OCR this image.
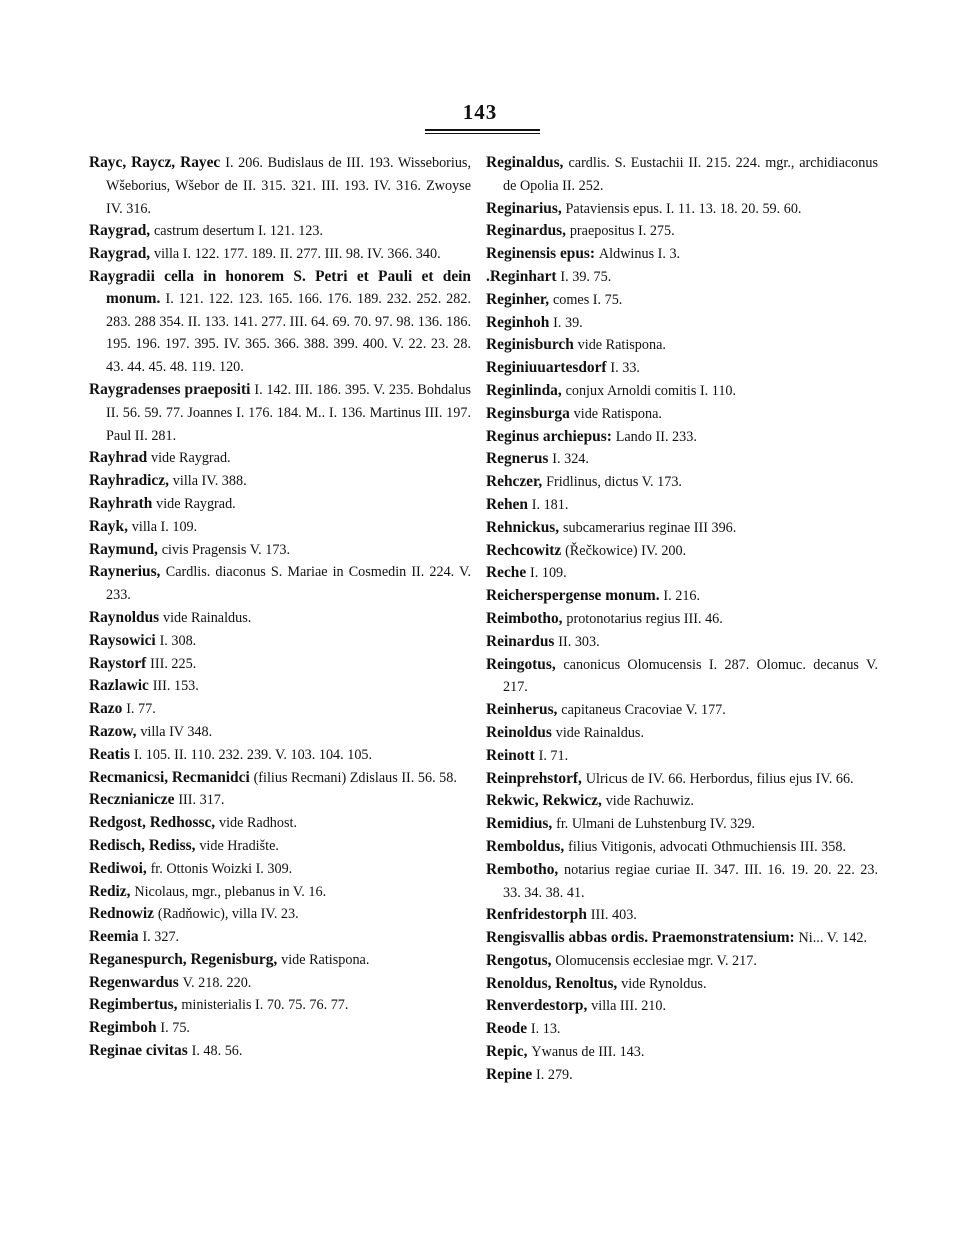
143
Rayc, Raycz, Rayec I. 206. Budislaus de III. 193. Wisseborius, Wšeborius, Wšebor de II. 315. 321. III. 193. IV. 316. Zwoyse IV. 316.
Raygrad, castrum desertum I. 121. 123.
Raygrad, villa I. 122. 177. 189. II. 277. III. 98. IV. 366. 340.
Raygradii cella in honorem S. Petri et Pauli et dein monum. I. 121. 122. 123. 165. 166. 176. 189. 232. 252. 282. 283. 288 354. II. 133. 141. 277. III. 64. 69. 70. 97. 98. 136. 186. 195. 196. 197. 395. IV. 365. 366. 388. 399. 400. V. 22. 23. 28. 43. 44. 45. 48. 119. 120.
Raygradenses praepositi I. 142. III. 186. 395. V. 235. Bohdalus II. 56. 59. 77. Joannes I. 176. 184. M.. I. 136. Martinus III. 197. Paul II. 281.
Rayhrad vide Raygrad.
Rayhradicz, villa IV. 388.
Rayhrath vide Raygrad.
Rayk, villa I. 109.
Raymund, civis Pragensis V. 173.
Raynerius, Cardlis. diaconus S. Mariae in Cosmedin II. 224. V. 233.
Raynoldus vide Rainaldus.
Raysowici I. 308.
Raystorf III. 225.
Razlawic III. 153.
Razo I. 77.
Razow, villa IV 348.
Reatis I. 105. II. 110. 232. 239. V. 103. 104. 105.
Recmanicsi, Recmanidci (filius Recmani) Zdislaus II. 56. 58.
Recznianicze III. 317.
Redgost, Redhossc, vide Radhost.
Redisch, Rediss, vide Hradište.
Rediwoi, fr. Ottonis Woizki I. 309.
Rediz, Nicolaus, mgr., plebanus in V. 16.
Rednowiz (Radňowic), villa IV. 23.
Reemia I. 327.
Reganespurch, Regenisburg, vide Ratispona.
Regenwardus V. 218. 220.
Regimbertus, ministerialis I. 70. 75. 76. 77.
Regimboh I. 75.
Reginae civitas I. 48. 56.
Reginaldus, cardlis. S. Eustachii II. 215. 224. mgr., archidiaconus de Opolia II. 252.
Reginarius, Pataviensis epus. I. 11. 13. 18. 20. 59. 60.
Reginardus, praepositus I. 275.
Reginensis epus: Aldwinus I. 3.
.Reginhart I. 39. 75.
Reginher, comes I. 75.
Reginhoh I. 39.
Reginisburch vide Ratispona.
Reginiuuartesdorf I. 33.
Reginlinda, conjux Arnoldi comitis I. 110.
Reginsburga vide Ratispona.
Reginus archiepus: Lando II. 233.
Regnerus I. 324.
Rehczer, Fridlinus, dictus V. 173.
Rehen I. 181.
Rehnickus, subcamerarius reginae III 396.
Rechcowitz (Řečkowice) IV. 200.
Reche I. 109.
Reicherspergense monum. I. 216.
Reimbotho, protonotarius regius III. 46.
Reinardus II. 303.
Reingotus, canonicus Olomucensis I. 287. Olomuc. decanus V. 217.
Reinherus, capitaneus Cracoviae V. 177.
Reinoldus vide Rainaldus.
Reinott I. 71.
Reinprehstorf, Ulricus de IV. 66. Herbordus, filius ejus IV. 66.
Rekwic, Rekwicz, vide Rachuwiz.
Remidius, fr. Ulmani de Luhstenburg IV. 329.
Remboldus, filius Vitigonis, advocati Othmuchiensis III. 358.
Rembotho, notarius regiae curiae II. 347. III. 16. 19. 20. 22. 23. 33. 34. 38. 41.
Renfridestorph III. 403.
Rengisvallis abbas ordis. Praemonstratensium: Ni... V. 142.
Rengotus, Olomucensis ecclesiae mgr. V. 217.
Renoldus, Renoltus, vide Rynoldus.
Renverdestorp, villa III. 210.
Reode I. 13.
Repic, Ywanus de III. 143.
Repine I. 279.
